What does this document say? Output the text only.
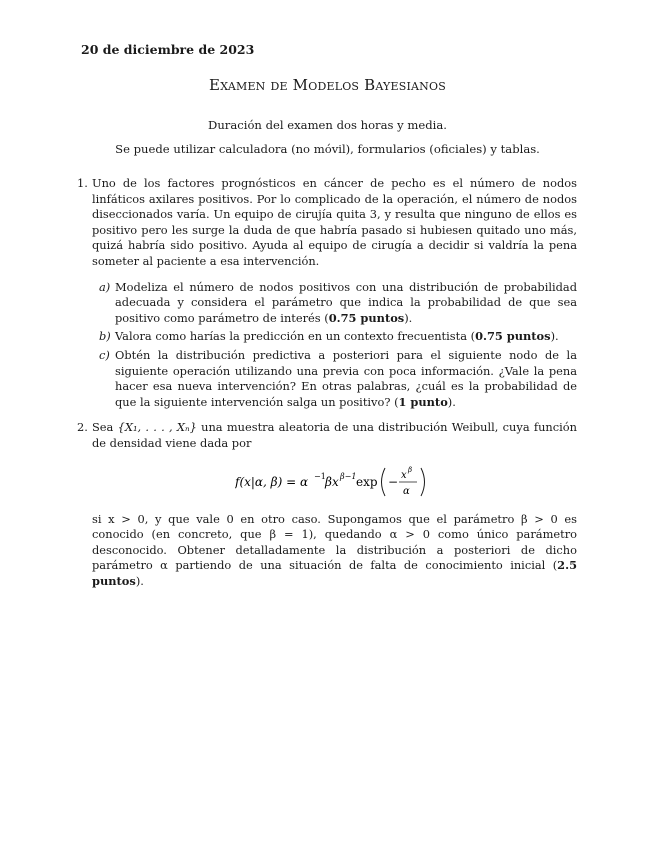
20 de diciembre de 2023
Examen de Modelos Bayesianos
Duración del examen dos horas y media.
Se puede utilizar calculadora (no móvil), formularios (oficiales) y tablas.
1. Uno de los factores prognósticos en cáncer de pecho es el número de nodos linfáticos axilares positivos. Por lo complicado de la operación, el número de nodos diseccionados varía. Un equipo de cirujía quita 3, y resulta que ninguno de ellos es positivo pero les surge la duda de que habría pasado si hubiesen quitado uno más, quizá habría sido positivo. Ayuda al equipo de cirugía a decidir si valdría la pena someter al paciente a esa intervención.
a) Modeliza el número de nodos positivos con una distribución de probabilidad adecuada y considera el parámetro que indica la probabilidad de que sea positivo como parámetro de interés (0.75 puntos).
b) Valora como harías la predicción en un contexto frecuentista (0.75 puntos).
c) Obtén la distribución predictiva a posteriori para el siguiente nodo de la siguiente operación utilizando una previa con poca información. ¿Vale la pena hacer esa nueva intervención? En otras palabras, ¿cuál es la probabilidad de que la siguiente intervención salga un positivo? (1 punto).
2. Sea {X₁, . . . , Xₙ} una muestra aleatoria de una distribución Weibull, cuya función de densidad viene dada por
f(x|α, β) = α −1 βx β−1 exp − x β
α
si x > 0, y que vale 0 en otro caso. Supongamos que el parámetro β > 0 es conocido (en concreto, que β = 1), quedando α > 0 como único parámetro desconocido. Obtener detalladamente la distribución a posteriori de dicho parámetro α partiendo de una situación de falta de conocimiento inicial (2.5 puntos).
